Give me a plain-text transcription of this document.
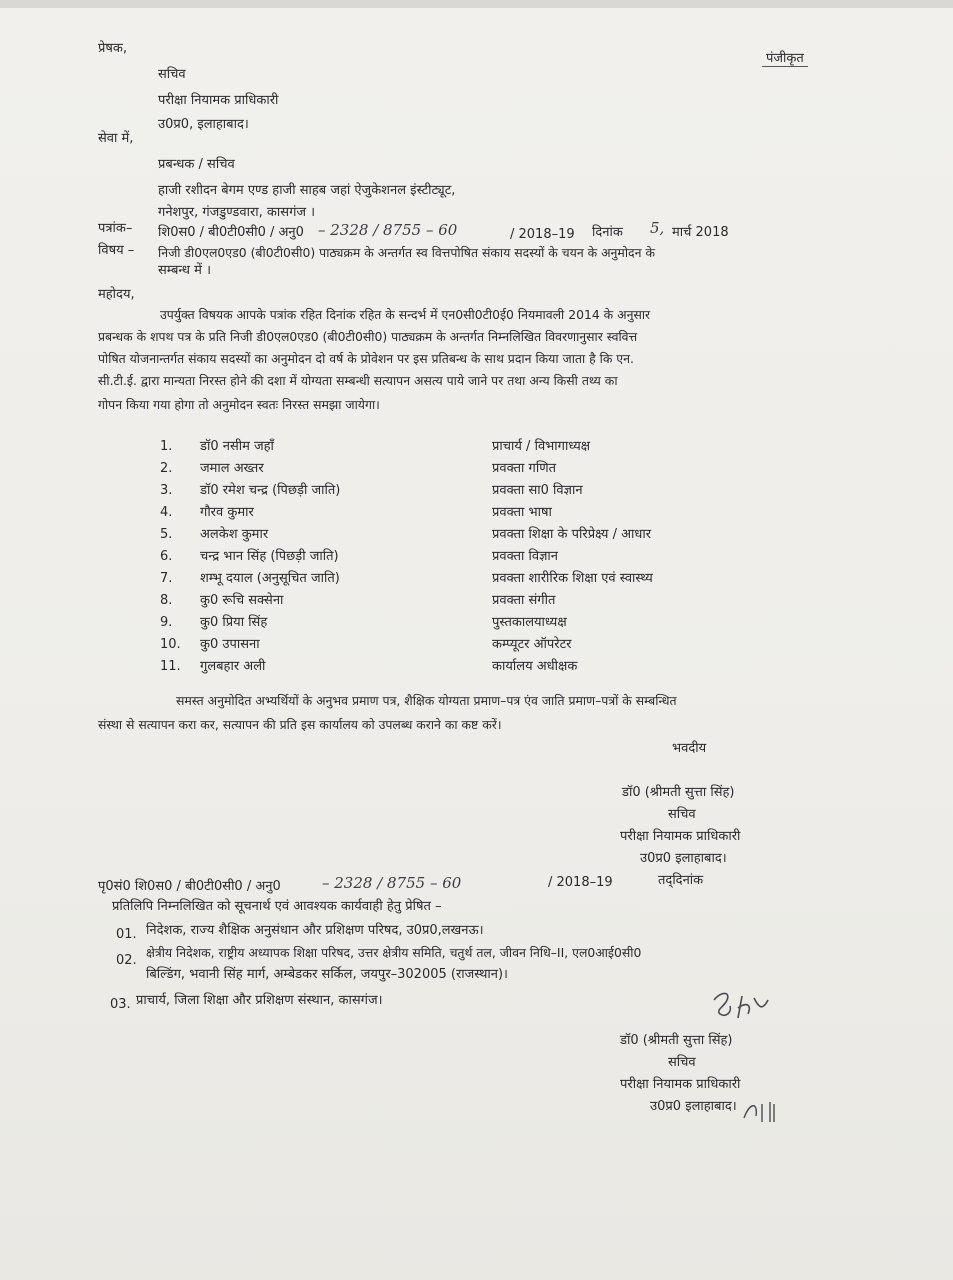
प्रेषक,
सचिव
परीक्षा नियामक प्राधिकारी
उ0प्र0, इलाहाबाद।
पंजीकृत
सेवा में,
प्रबन्धक / सचिव
हाजी रशीदन बेगम एण्ड हाजी साहब जहां ऐजुकेशनल इंस्टीट्यूट,
गनेशपुर, गंजडुण्डवारा, कासगंज ।
पत्रांक– शि0स0 / बी0टी0सी0 / अनु0 – 2328 / 8755 – 60	/ 2018–19 दिनांक 5, मार्च 2018
विषय – निजी डी0एल0एड0 (बी0टी0सी0) पाठ्यक्रम के अन्तर्गत स्व वित्तपोषित संकाय सदस्यों के चयन के अनुमोदन के
सम्बन्ध में ।
महोदय,
उपर्युक्त विषयक आपके पत्रांक रहित दिनांक रहित के सन्दर्भ में एन0सी0टी0ई0 नियमावली 2014 के अनुसार
प्रबन्धक के शपथ पत्र के प्रति निजी डी0एल0एड0 (बी0टी0सी0) पाठ्यक्रम के अन्तर्गत निम्नलिखित विवरणानुसार स्ववित्त
पोषित योजनान्तर्गत संकाय सदस्यों का अनुमोदन दो वर्ष के प्रोवेशन पर इस प्रतिबन्ध के साथ प्रदान किया जाता है कि एन.
सी.टी.ई. द्वारा मान्यता निरस्त होने की दशा में योग्यता सम्बन्धी सत्यापन असत्य पाये जाने पर तथा अन्य किसी तथ्य का
गोपन किया गया होगा तो अनुमोदन स्वतः निरस्त समझा जायेगा।
1. डॉ0 नसीम जहाँ	प्राचार्य / विभागाध्यक्ष
2. जमाल अख्तर	प्रवक्ता गणित
3. डॉ0 रमेश चन्द्र (पिछड़ी जाति)	प्रवक्ता सा0 विज्ञान
4. गौरव कुमार	प्रवक्ता भाषा
5. अलकेश कुमार	प्रवक्ता शिक्षा के परिप्रेक्ष्य / आधार
6. चन्द्र भान सिंह (पिछड़ी जाति)	प्रवक्ता विज्ञान
7. शम्भू दयाल (अनुसूचित जाति)	प्रवक्ता शारीरिक शिक्षा एवं स्वास्थ्य
8. कु0 रूचि सक्सेना	प्रवक्ता संगीत
9. कु0 प्रिया सिंह	पुस्तकालयाध्यक्ष
10. कु0 उपासना	कम्प्यूटर ऑपरेटर
11. गुलबहार अली	कार्यालय अधीक्षक
समस्त अनुमोदित अभ्यर्थियों के अनुभव प्रमाण पत्र, शैक्षिक योग्यता प्रमाण–पत्र एंव जाति प्रमाण–पत्रों के सम्बन्धित
संस्था से सत्यापन करा कर, सत्यापन की प्रति इस कार्यालय को उपलब्ध कराने का कष्ट करें।
भवदीय
डॉ0 (श्रीमती सुत्ता सिंह)
सचिव
परीक्षा नियामक प्राधिकारी
उ0प्र0 इलाहाबाद।
पृ0सं0 शि0स0 / बी0टी0सी0 / अनु0	– 2328 / 8755 – 60	/ 2018–19	तद्‌दिनांक
प्रतिलिपि निम्नलिखित को सूचनार्थ एवं आवश्यक कार्यवाही हेतु प्रेषित –
01. निदेशक, राज्य शैक्षिक अनुसंधान और प्रशिक्षण परिषद, उ0प्र0,लखनऊ।
02.
क्षेत्रीय निदेशक, राष्ट्रीय अध्यापक शिक्षा परिषद, उत्तर क्षेत्रीय समिति, चतुर्थ तल, जीवन निधि–II, एल0आई0सी0
बिल्डिंग, भवानी सिंह मार्ग, अम्बेडकर सर्किल, जयपुर–302005 (राजस्थान)।
03. प्राचार्य, जिला शिक्षा और प्रशिक्षण संस्थान, कासगंज।
डॉ0 (श्रीमती सुत्ता सिंह)
सचिव
परीक्षा नियामक प्राधिकारी
उ0प्र0 इलाहाबाद।
